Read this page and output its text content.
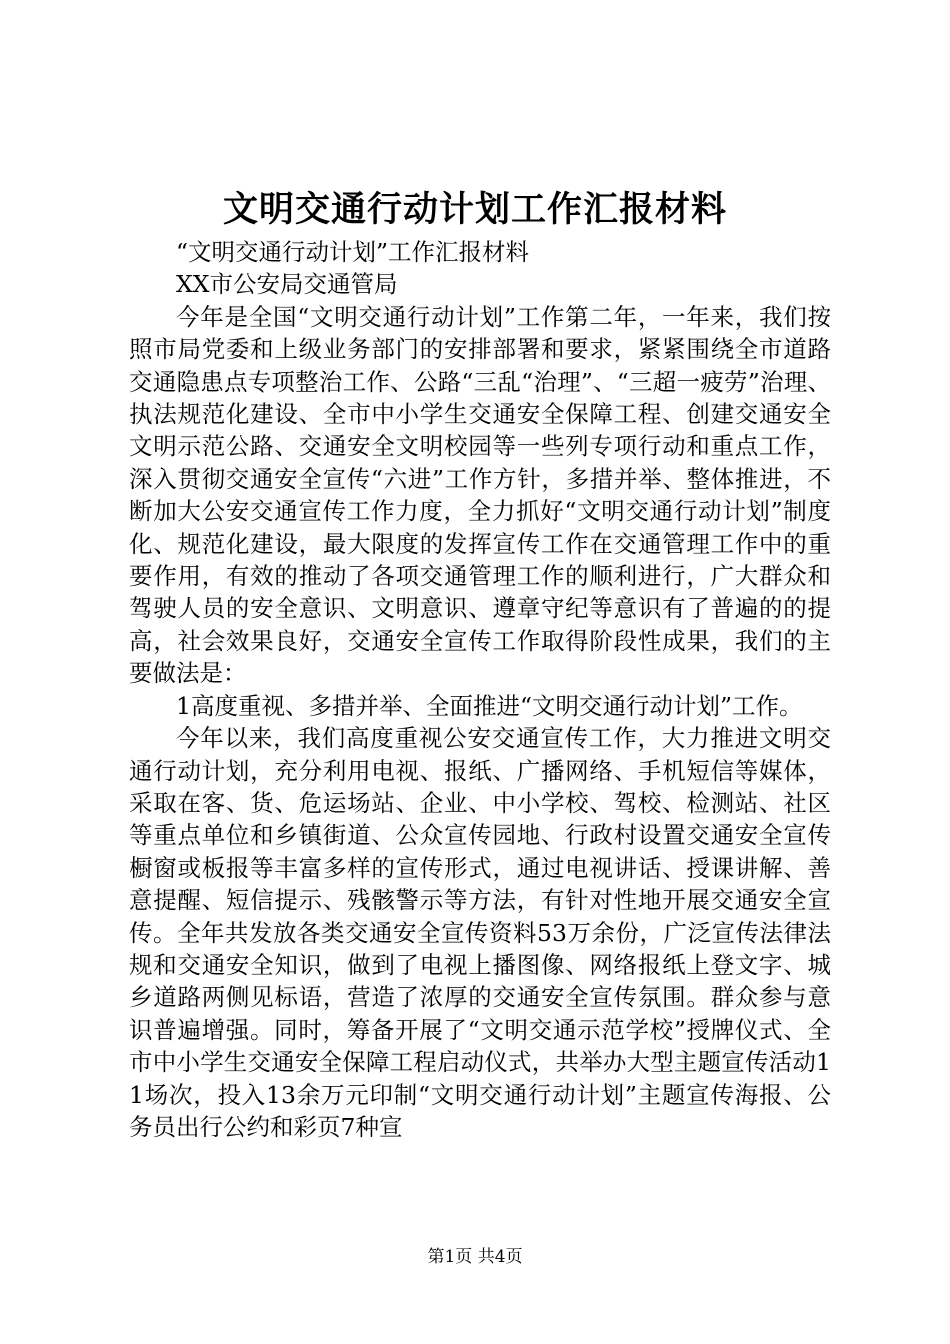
文明交通行动计划工作汇报材料

“文明交通行动计划”工作汇报材料

XX市公安局交通管局

今年是全国“文明交通行动计划”工作第二年，一年来，我们按照市局党委和上级业务部门的安排部署和要求，紧紧围绕全市道路交通隐患点专项整治工作、公路“三乱“治理”、“三超一疲劳”治理、执法规范化建设、全市中小学生交通安全保障工程、创建交通安全文明示范公路、交通安全文明校园等一些列专项行动和重点工作，深入贯彻交通安全宣传“六进”工作方针，多措并举、整体推进，不断加大公安交通宣传工作力度，全力抓好“文明交通行动计划”制度化、规范化建设，最大限度的发挥宣传工作在交通管理工作中的重要作用，有效的推动了各项交通管理工作的顺利进行，广大群众和驾驶人员的安全意识、文明意识、遵章守纪等意识有了普遍的的提高，社会效果良好，交通安全宣传工作取得阶段性成果，我们的主要做法是：

1高度重视、多措并举、全面推进“文明交通行动计划”工作。

今年以来，我们高度重视公安交通宣传工作，大力推进文明交通行动计划，充分利用电视、报纸、广播网络、手机短信等媒体，采取在客、货、危运场站、企业、中小学校、驾校、检测站、社区等重点单位和乡镇街道、公众宣传园地、行政村设置交通安全宣传橱窗或板报等丰富多样的宣传形式，通过电视讲话、授课讲解、善意提醒、短信提示、残骸警示等方法，有针对性地开展交通安全宣传。全年共发放各类交通安全宣传资料53万余份，广泛宣传法律法规和交通安全知识，做到了电视上播图像、网络报纸上登文字、城乡道路两侧见标语，营造了浓厚的交通安全宣传氛围。群众参与意识普遍增强。同时，筹备开展了“文明交通示范学校”授牌仪式、全市中小学生交通安全保障工程启动仪式，共举办大型主题宣传活动11场次，投入13余万元印制“文明交通行动计划”主题宣传海报、公务员出行公约和彩页7种宣

第1页 共4页
